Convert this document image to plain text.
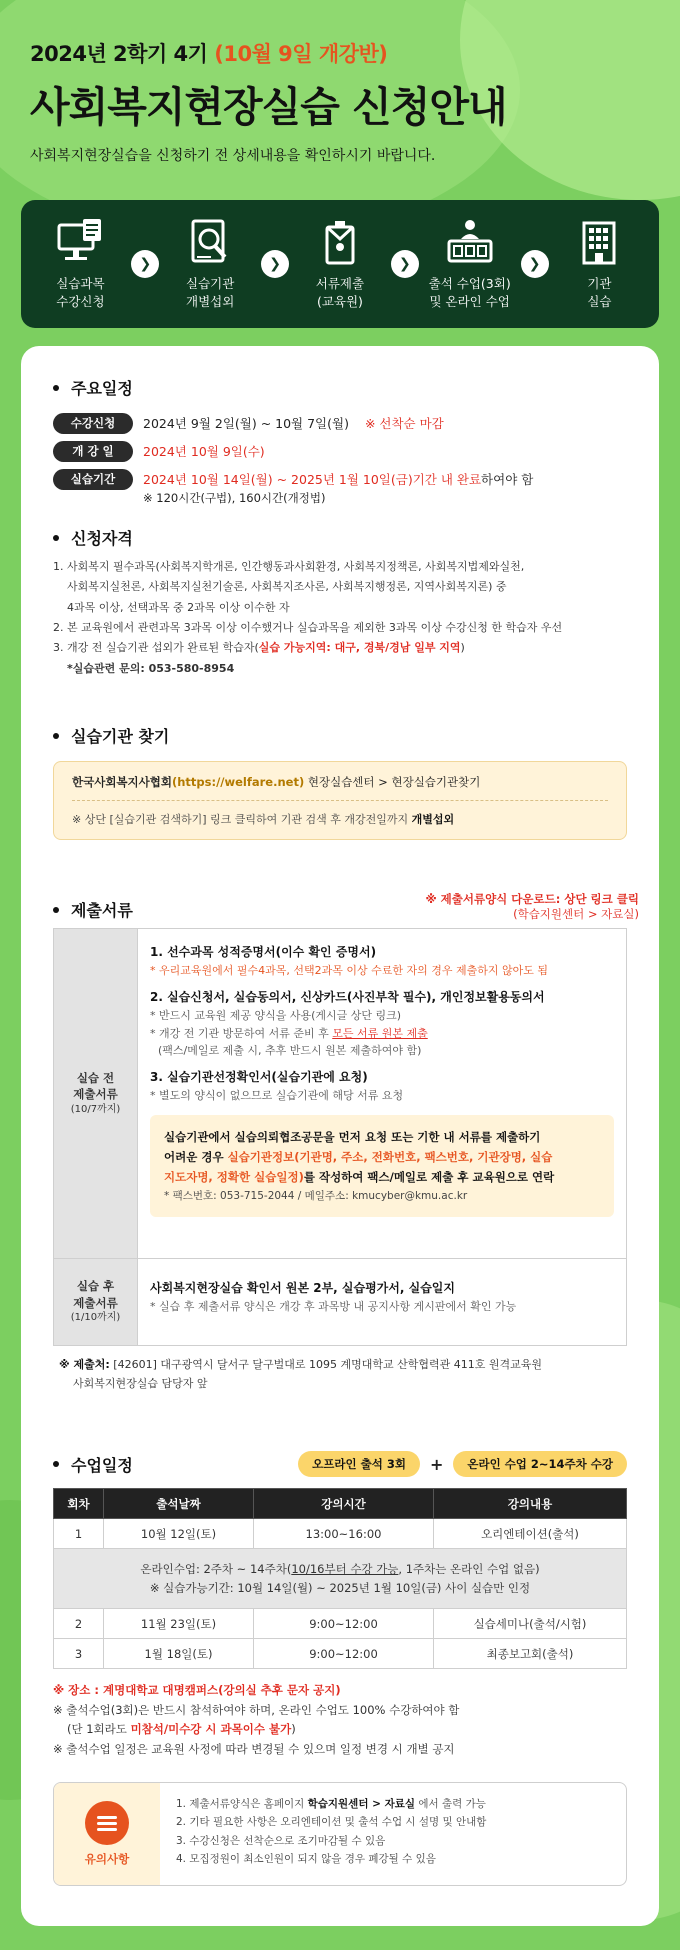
2024년 2학기 4기 (10월 9일 개강반)
사회복지현장실습 신청안내
사회복지현장실습을 신청하기 전 상세내용을 확인하시기 바랍니다.
실습과목
수강신청
❯
실습기관
개별섭외
❯
서류제출
(교육원)
❯
출석 수업(3회)
및 온라인 수업
❯
기관
실습
주요일정
수강신청	2024년 9월 2일(월) ~ 10월 7일(월) ※ 선착순 마감
개 강 일	2024년 10월 9일(수)
실습기간	2024년 10월 14일(월) ~ 2025년 1월 10일(금)기간 내 완료하여야 함
※ 120시간(구법), 160시간(개정법)
신청자격
1. 사회복지 필수과목(사회복지학개론, 인간행동과사회환경, 사회복지정책론, 사회복지법제와실천,
사회복지실천론, 사회복지실천기술론, 사회복지조사론, 사회복지행정론, 지역사회복지론) 중
4과목 이상, 선택과목 중 2과목 이상 이수한 자
2. 본 교육원에서 관련과목 3과목 이상 이수했거나 실습과목을 제외한 3과목 이상 수강신청 한 학습자 우선
3. 개강 전 실습기관 섭외가 완료된 학습자(실습 가능지역: 대구, 경북/경남 일부 지역)
*실습관련 문의: 053-580-8954
실습기관 찾기
한국사회복지사협회(https://welfare.net) 현장실습센터 > 현장실습기관찾기
※ 상단 [실습기관 검색하기] 링크 클릭하여 기관 검색 후 개강전일까지 개별섭외
제출서류
※ 제출서류양식 다운로드: 상단 링크 클릭
(학습지원센터 > 자료실)
실습 전
제출서류
(10/7까지)
1. 선수과목 성적증명서(이수 확인 증명서)
* 우리교육원에서 필수4과목, 선택2과목 이상 수료한 자의 경우 제출하지 않아도 됨
2. 실습신청서, 실습동의서, 신상카드(사진부착 필수), 개인정보활용동의서
* 반드시 교육원 제공 양식을 사용(게시글 상단 링크)
* 개강 전 기관 방문하여 서류 준비 후 모든 서류 원본 제출
(팩스/메일로 제출 시, 추후 반드시 원본 제출하여야 함)
3. 실습기관선정확인서(실습기관에 요청)
* 별도의 양식이 없으므로 실습기관에 해당 서류 요청
실습기관에서 실습의뢰협조공문을 먼저 요청 또는 기한 내 서류를 제출하기
어려운 경우 실습기관정보(기관명, 주소, 전화번호, 팩스번호, 기관장명, 실습
지도자명, 정확한 실습일정)를 작성하여 팩스/메일로 제출 후 교육원으로 연락
* 팩스번호: 053-715-2044 / 메일주소: kmucyber@kmu.ac.kr
실습 후
제출서류
(1/10까지)
사회복지현장실습 확인서 원본 2부, 실습평가서, 실습일지
* 실습 후 제출서류 양식은 개강 후 과목방 내 공지사항 게시판에서 확인 가능
※ 제출처: [42601] 대구광역시 달서구 달구벌대로 1095 계명대학교 산학협력관 411호 원격교육원
사회복지현장실습 담당자 앞
수업일정	오프라인 출석 3회	+	온라인 수업 2~14주차 수강
회차	출석날짜	강의시간	강의내용
1	10월 12일(토)	13:00~16:00	오리엔테이션(출석)

온라인수업: 2주차 ~ 14주차(10/16부터 수강 가능, 1주차는 온라인 수업 없음)
※ 실습가능기간: 10월 14일(월) ~ 2025년 1월 10일(금) 사이 실습만 인정			

2	11월 23일(토)	9:00~12:00	실습세미나(출석/시험)
3	1월 18일(토)	9:00~12:00	최종보고회(출석)
※ 장소 : 계명대학교 대명캠퍼스(강의실 추후 문자 공지)
※ 출석수업(3회)은 반드시 참석하여야 하며, 온라인 수업도 100% 수강하여야 함
(단 1회라도 미참석/미수강 시 과목이수 불가)
※ 출석수업 일정은 교육원 사정에 따라 변경될 수 있으며 일정 변경 시 개별 공지
유의사항
1. 제출서류양식은 홈페이지 학습지원센터 > 자료실 에서 출력 가능
2. 기타 필요한 사항은 오리엔테이션 및 출석 수업 시 설명 및 안내함
3. 수강신청은 선착순으로 조기마감될 수 있음
4. 모집정원이 최소인원이 되지 않을 경우 폐강될 수 있음
